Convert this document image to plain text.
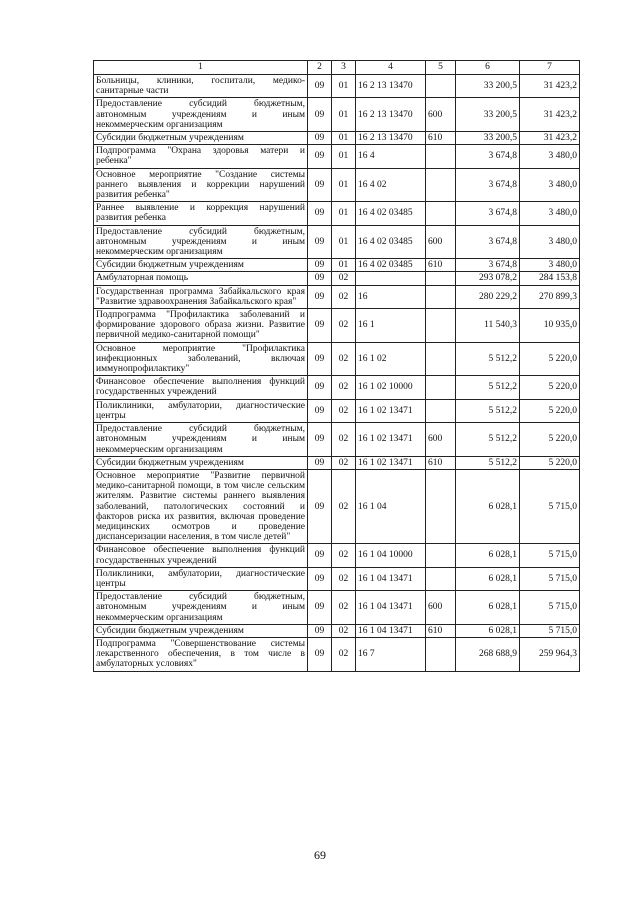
1	2	3	4	5	6	7
Больницы, клиники, госпитали, медико-санитарные части	09	01	16 2 13 13470		33 200,5	31 423,2
Предоставление субсидий бюджетным, автономным учреждениям и иным некоммерческим организациям	09	01	16 2 13 13470	600	33 200,5	31 423,2
Субсидии бюджетным учреждениям	09	01	16 2 13 13470	610	33 200,5	31 423,2
Подпрограмма "Охрана здоровья матери и ребенка"	09	01	16 4		3 674,8	3 480,0
Основное мероприятие "Создание системы раннего выявления и коррекции нарушений развития ребенка"	09	01	16 4 02		3 674,8	3 480,0
Раннее выявление и коррекция нарушений развития ребенка	09	01	16 4 02 03485		3 674,8	3 480,0
Предоставление субсидий бюджетным, автономным учреждениям и иным некоммерческим организациям	09	01	16 4 02 03485	600	3 674,8	3 480,0
Субсидии бюджетным учреждениям	09	01	16 4 02 03485	610	3 674,8	3 480,0
Амбулаторная помощь	09	02			293 078,2	284 153,8
Государственная программа Забайкальского края "Развитие здравоохранения Забайкальского края"	09	02	16		280 229,2	270 899,3
Подпрограмма "Профилактика заболеваний и формирование здорового образа жизни. Развитие первичной медико-санитарной помощи"	09	02	16 1		11 540,3	10 935,0
Основное мероприятие "Профилактика инфекционных заболеваний, включая иммунопрофилактику"	09	02	16 1 02		5 512,2	5 220,0
Финансовое обеспечение выполнения функций государственных учреждений	09	02	16 1 02 10000		5 512,2	5 220,0
Поликлиники, амбулатории, диагностические центры	09	02	16 1 02 13471		5 512,2	5 220,0
Предоставление субсидий бюджетным, автономным учреждениям и иным некоммерческим организациям	09	02	16 1 02 13471	600	5 512,2	5 220,0
Субсидии бюджетным учреждениям	09	02	16 1 02 13471	610	5 512,2	5 220,0
Основное мероприятие "Развитие первичной медико-санитарной помощи, в том числе сельским жителям. Развитие системы раннего выявления заболеваний, патологических состояний и факторов риска их развития, включая проведение медицинских осмотров и проведение диспансеризации населения, в том числе детей"	09	02	16 1 04		6 028,1	5 715,0
Финансовое обеспечение выполнения функций государственных учреждений	09	02	16 1 04 10000		6 028,1	5 715,0
Поликлиники, амбулатории, диагностические центры	09	02	16 1 04 13471		6 028,1	5 715,0
Предоставление субсидий бюджетным, автономным учреждениям и иным некоммерческим организациям	09	02	16 1 04 13471	600	6 028,1	5 715,0
Субсидии бюджетным учреждениям	09	02	16 1 04 13471	610	6 028,1	5 715,0
Подпрограмма "Совершенствование системы лекарственного обеспечения, в том числе в амбулаторных условиях"	09	02	16 7		268 688,9	259 964,3
69
